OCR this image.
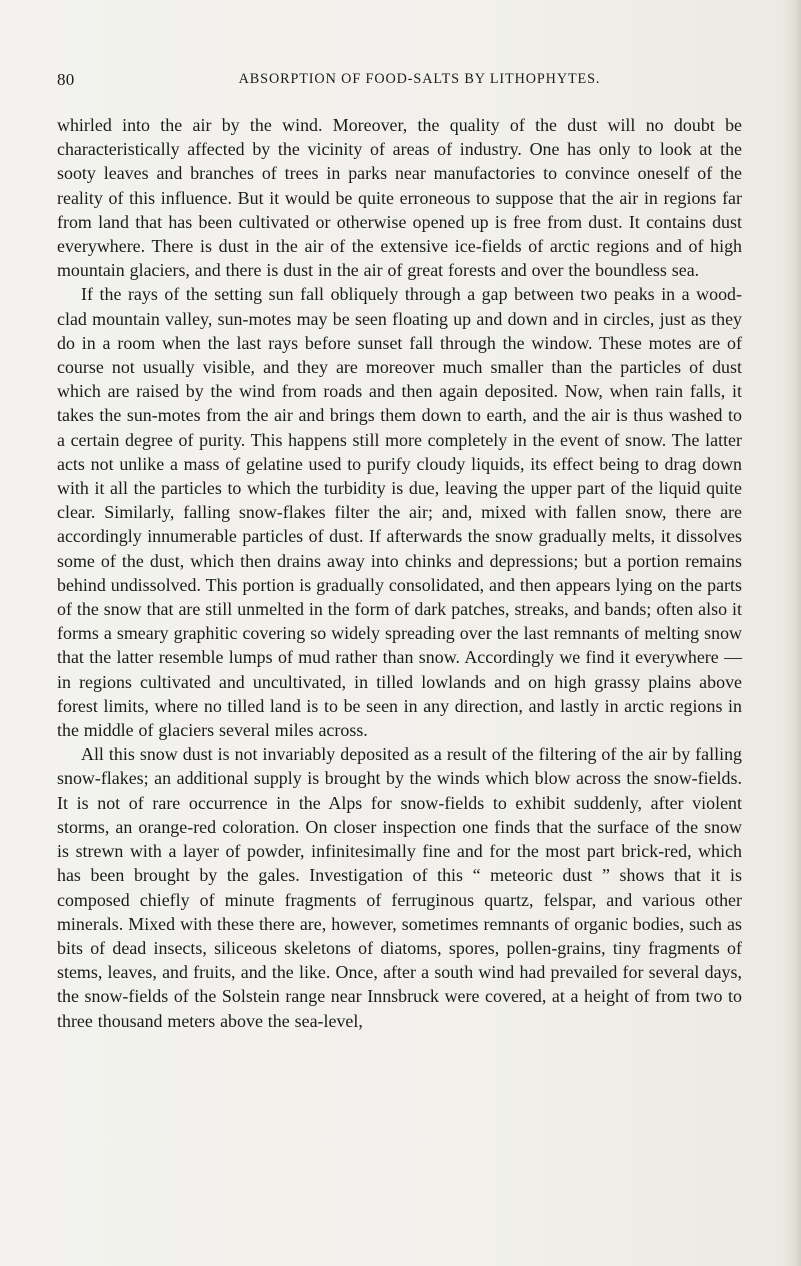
80	ABSORPTION OF FOOD-SALTS BY LITHOPHYTES.

whirled into the air by the wind. Moreover, the quality of the dust will no doubt be characteristically affected by the vicinity of areas of industry. One has only to look at the sooty leaves and branches of trees in parks near manufactories to convince oneself of the reality of this influence. But it would be quite erroneous to suppose that the air in regions far from land that has been cultivated or otherwise opened up is free from dust. It contains dust everywhere. There is dust in the air of the extensive ice-fields of arctic regions and of high mountain glaciers, and there is dust in the air of great forests and over the boundless sea.

If the rays of the setting sun fall obliquely through a gap between two peaks in a wood-clad mountain valley, sun-motes may be seen floating up and down and in circles, just as they do in a room when the last rays before sunset fall through the window. These motes are of course not usually visible, and they are moreover much smaller than the particles of dust which are raised by the wind from roads and then again deposited. Now, when rain falls, it takes the sun-motes from the air and brings them down to earth, and the air is thus washed to a certain degree of purity. This happens still more completely in the event of snow. The latter acts not unlike a mass of gelatine used to purify cloudy liquids, its effect being to drag down with it all the particles to which the turbidity is due, leaving the upper part of the liquid quite clear. Similarly, falling snow-flakes filter the air; and, mixed with fallen snow, there are accordingly innumerable particles of dust. If afterwards the snow gradually melts, it dissolves some of the dust, which then drains away into chinks and depressions; but a portion remains behind undissolved. This portion is gradually consolidated, and then appears lying on the parts of the snow that are still unmelted in the form of dark patches, streaks, and bands; often also it forms a smeary graphitic covering so widely spreading over the last remnants of melting snow that the latter resemble lumps of mud rather than snow. Accordingly we find it everywhere — in regions cultivated and uncultivated, in tilled lowlands and on high grassy plains above forest limits, where no tilled land is to be seen in any direction, and lastly in arctic regions in the middle of glaciers several miles across.

All this snow dust is not invariably deposited as a result of the filtering of the air by falling snow-flakes; an additional supply is brought by the winds which blow across the snow-fields. It is not of rare occurrence in the Alps for snow-fields to exhibit suddenly, after violent storms, an orange-red coloration. On closer inspection one finds that the surface of the snow is strewn with a layer of powder, infinitesimally fine and for the most part brick-red, which has been brought by the gales. Investigation of this “ meteoric dust ” shows that it is composed chiefly of minute fragments of ferruginous quartz, felspar, and various other minerals. Mixed with these there are, however, sometimes remnants of organic bodies, such as bits of dead insects, siliceous skeletons of diatoms, spores, pollen-grains, tiny fragments of stems, leaves, and fruits, and the like. Once, after a south wind had prevailed for several days, the snow-fields of the Solstein range near Innsbruck were covered, at a height of from two to three thousand meters above the sea-level,
